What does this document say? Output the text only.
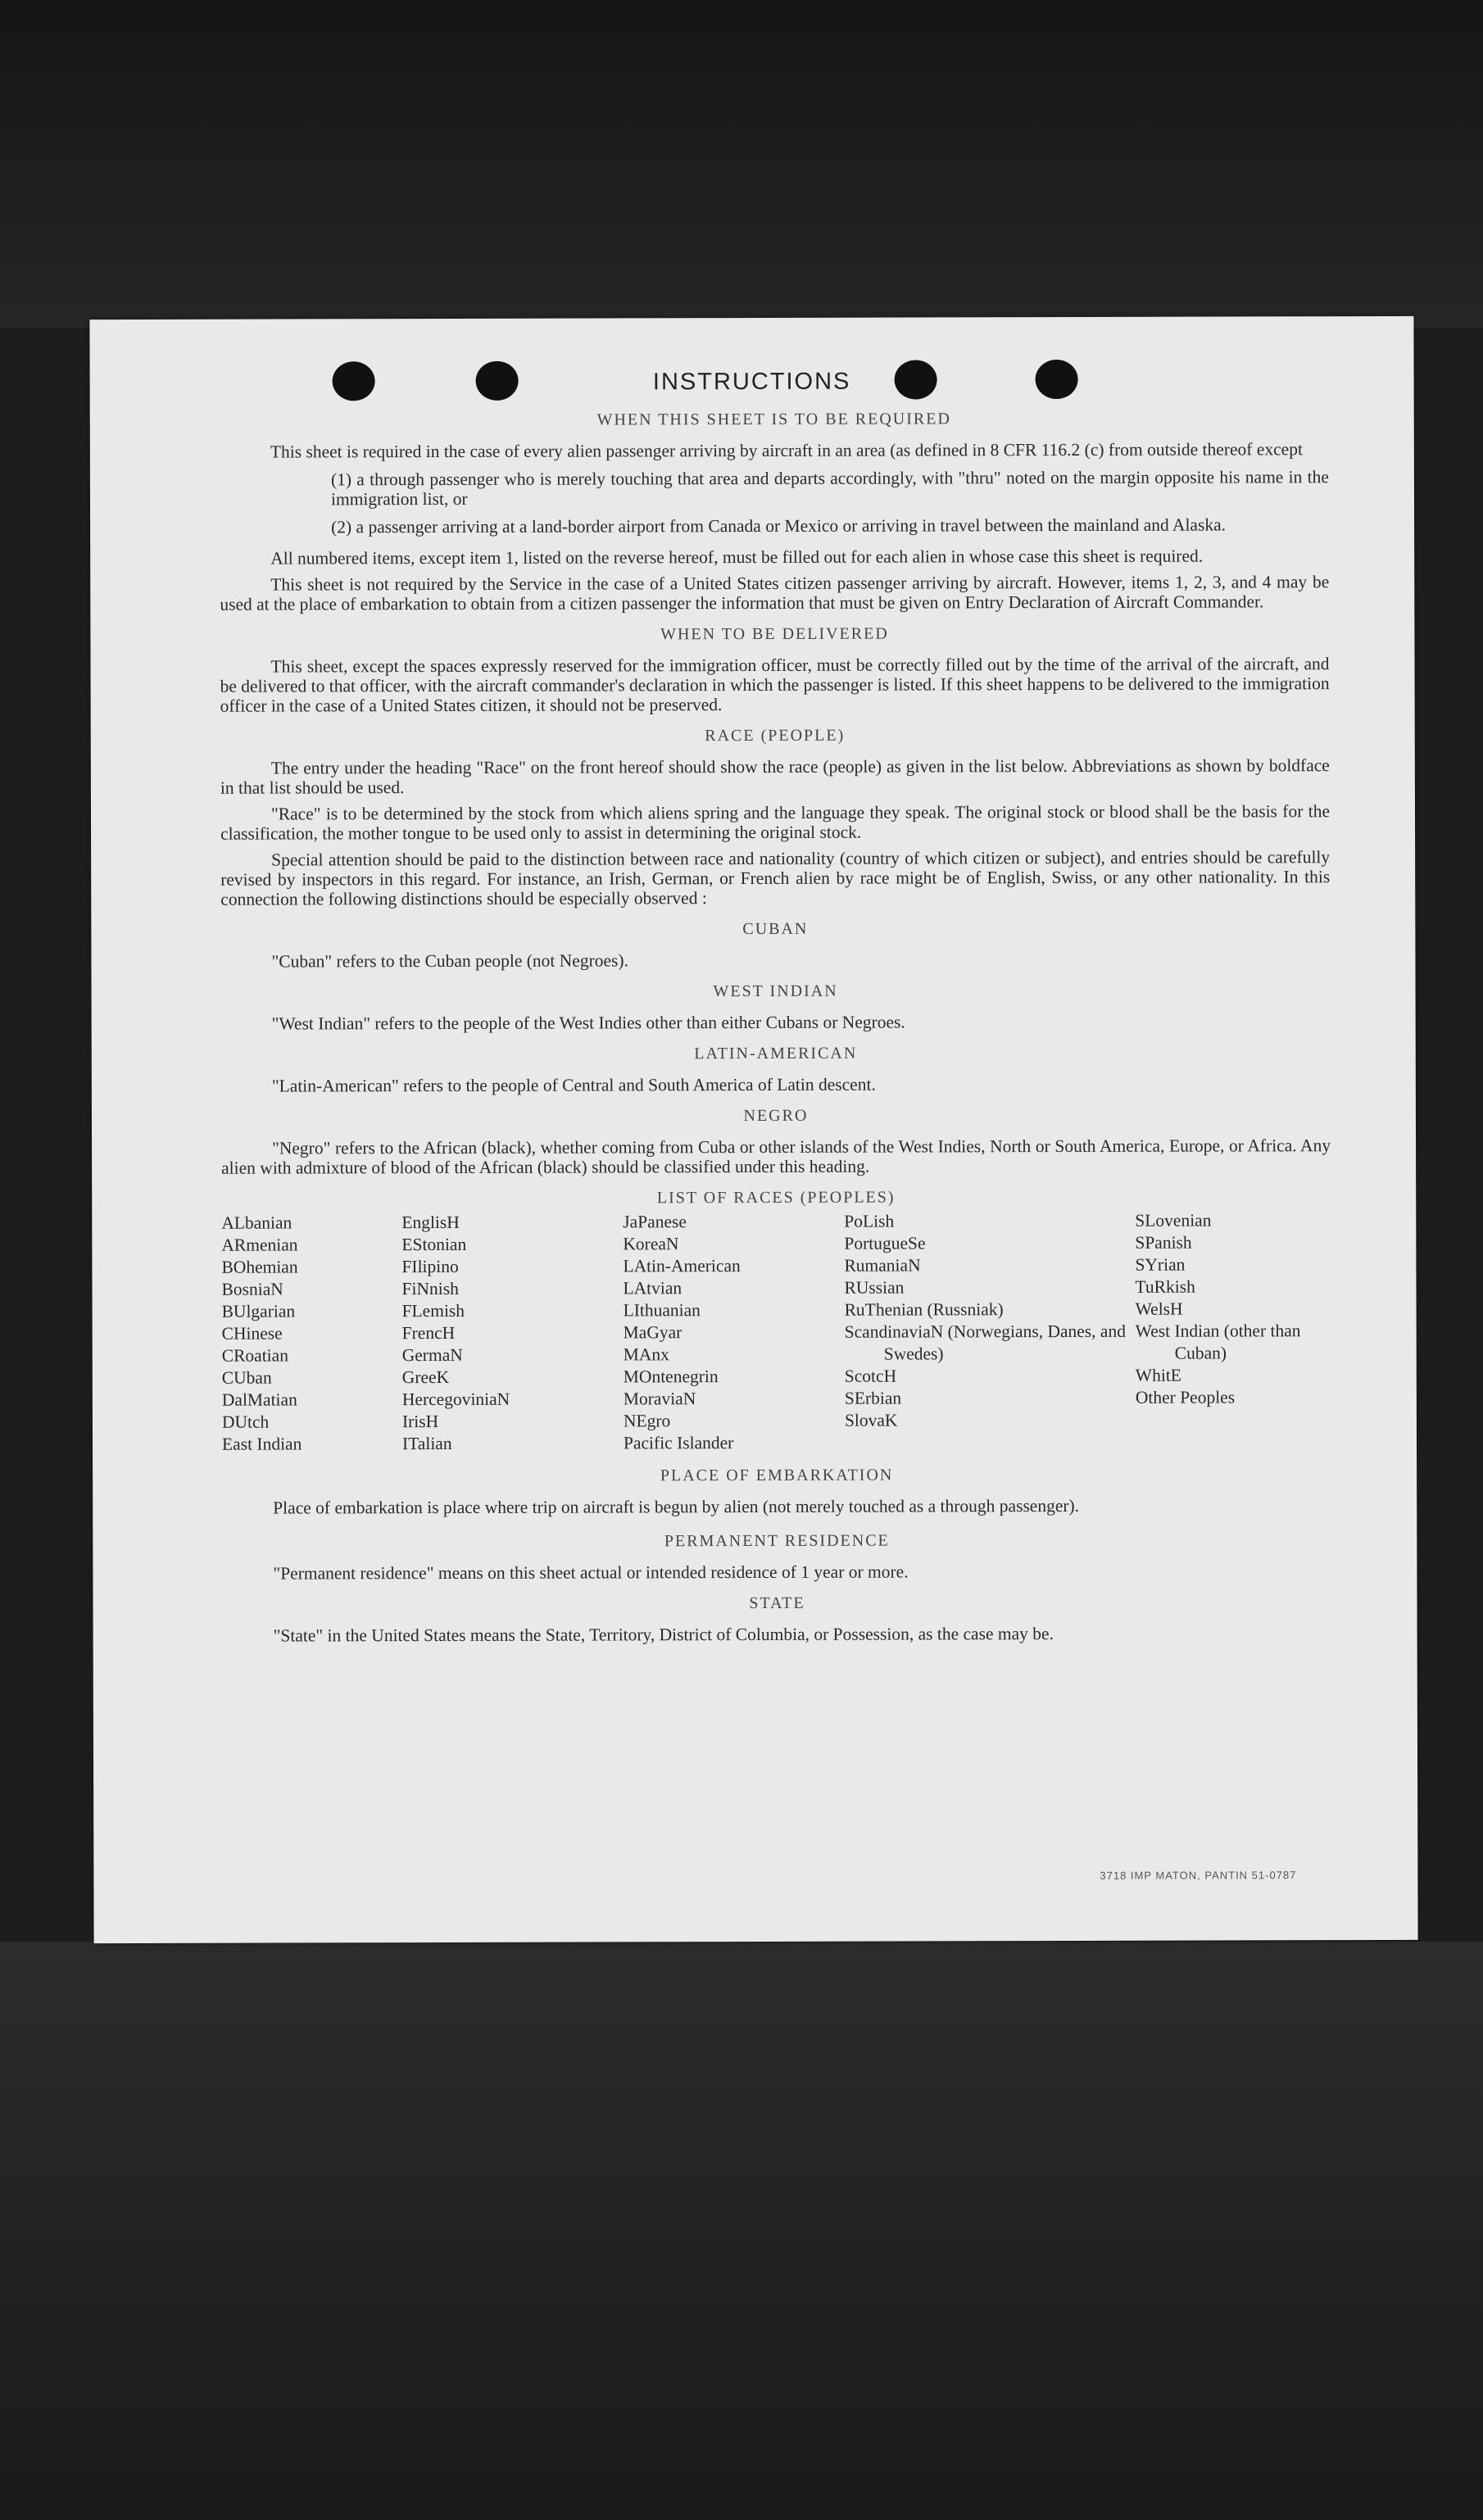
INSTRUCTIONS

WHEN THIS SHEET IS TO BE REQUIRED

This sheet is required in the case of every alien passenger arriving by aircraft in an area (as defined in 8 CFR 116.2 (c) from outside thereof except

(1) a through passenger who is merely touching that area and departs accordingly, with "thru" noted on the margin opposite his name in the immigration list, or

(2) a passenger arriving at a land-border airport from Canada or Mexico or arriving in travel between the mainland and Alaska.

All numbered items, except item 1, listed on the reverse hereof, must be filled out for each alien in whose case this sheet is required.

This sheet is not required by the Service in the case of a United States citizen passenger arriving by aircraft. However, items 1, 2, 3, and 4 may be used at the place of embarkation to obtain from a citizen passenger the information that must be given on Entry Declaration of Aircraft Commander.

WHEN TO BE DELIVERED

This sheet, except the spaces expressly reserved for the immigration officer, must be correctly filled out by the time of the arrival of the aircraft, and be delivered to that officer, with the aircraft commander's declaration in which the passenger is listed. If this sheet happens to be delivered to the immigration officer in the case of a United States citizen, it should not be preserved.

RACE (PEOPLE)

The entry under the heading "Race" on the front hereof should show the race (people) as given in the list below. Abbreviations as shown by boldface in that list should be used.

"Race" is to be determined by the stock from which aliens spring and the language they speak. The original stock or blood shall be the basis for the classification, the mother tongue to be used only to assist in determining the original stock.

Special attention should be paid to the distinction between race and nationality (country of which citizen or subject), and entries should be carefully revised by inspectors in this regard. For instance, an Irish, German, or French alien by race might be of English, Swiss, or any other nationality. In this connection the following distinctions should be especially observed :

CUBAN

"Cuban" refers to the Cuban people (not Negroes).

WEST INDIAN

"West Indian" refers to the people of the West Indies other than either Cubans or Negroes.

LATIN-AMERICAN

"Latin-American" refers to the people of Central and South America of Latin descent.

NEGRO

"Negro" refers to the African (black), whether coming from Cuba or other islands of the West Indies, North or South America, Europe, or Africa. Any alien with admixture of blood of the African (black) should be classified under this heading.

LIST OF RACES (PEOPLES)

ALbanian
ARmenian
BOhemian
BosniaN
BUlgarian
CHinese
CRoatian
CUban
DalMatian
DUtch
East Indian
EnglisH
EStonian
FIlipino
FiNnish
FLemish
FrencH
GermaN
GreeK
HercegoviniaN
IrisH
ITalian
JaPanese
KoreaN
LAtin-American
LAtvian
LIthuanian
MaGyar
MAnx
MOntenegrin
MoraviaN
NEgro
Pacific Islander
PoLish
PortugueSe
RumaniaN
RUssian
RuThenian (Russniak)
ScandinaviaN (Norwegians, Danes, and Swedes)
ScotcH
SErbian
SlovaK
SLovenian
SPanish
SYrian
TuRkish
WelsH
West Indian (other than Cuban)
WhitE
Other Peoples

PLACE OF EMBARKATION

Place of embarkation is place where trip on aircraft is begun by alien (not merely touched as a through passenger).

PERMANENT RESIDENCE

"Permanent residence" means on this sheet actual or intended residence of 1 year or more.

STATE

"State" in the United States means the State, Territory, District of Columbia, or Possession, as the case may be.

3718 IMP MATON, PANTIN 51-0787
